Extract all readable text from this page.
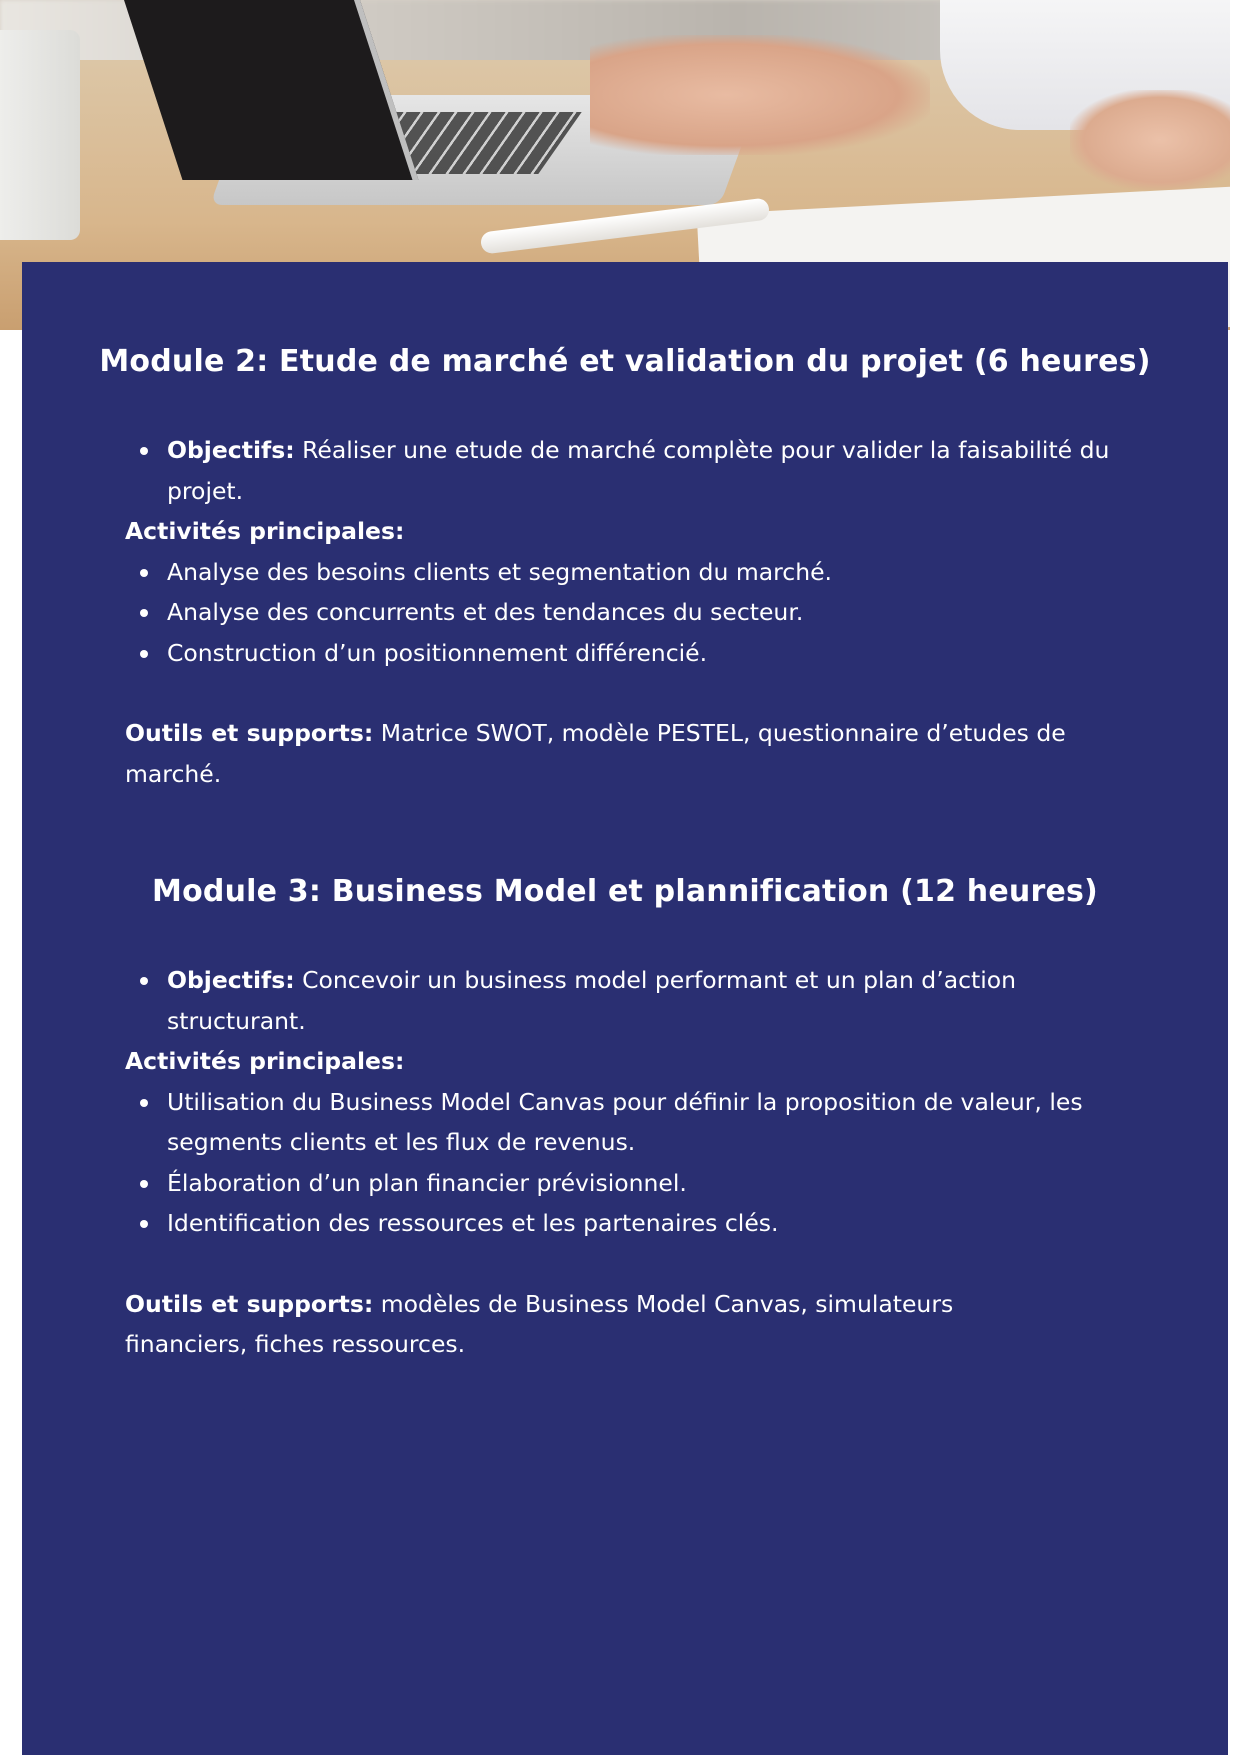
Module 2: Etude de marché et validation du projet (6 heures)
Objectifs: Réaliser une etude de marché complète pour valider la faisabilité du projet.
Activités principales:
Analyse des besoins clients et segmentation du marché.
Analyse des concurrents et des tendances du secteur.
Construction d’un positionnement différencié.
Outils et supports: Matrice SWOT, modèle PESTEL, questionnaire d’etudes de marché.
Module 3: Business Model et plannification (12 heures)
Objectifs: Concevoir un business model performant et un plan d’action structurant.
Activités principales:
Utilisation du Business Model Canvas pour définir la proposition de valeur, les segments clients et les flux de revenus.
Élaboration d’un plan financier prévisionnel.
Identification des ressources et les partenaires clés.
Outils et supports: modèles de Business Model Canvas, simulateurs financiers, fiches ressources.
